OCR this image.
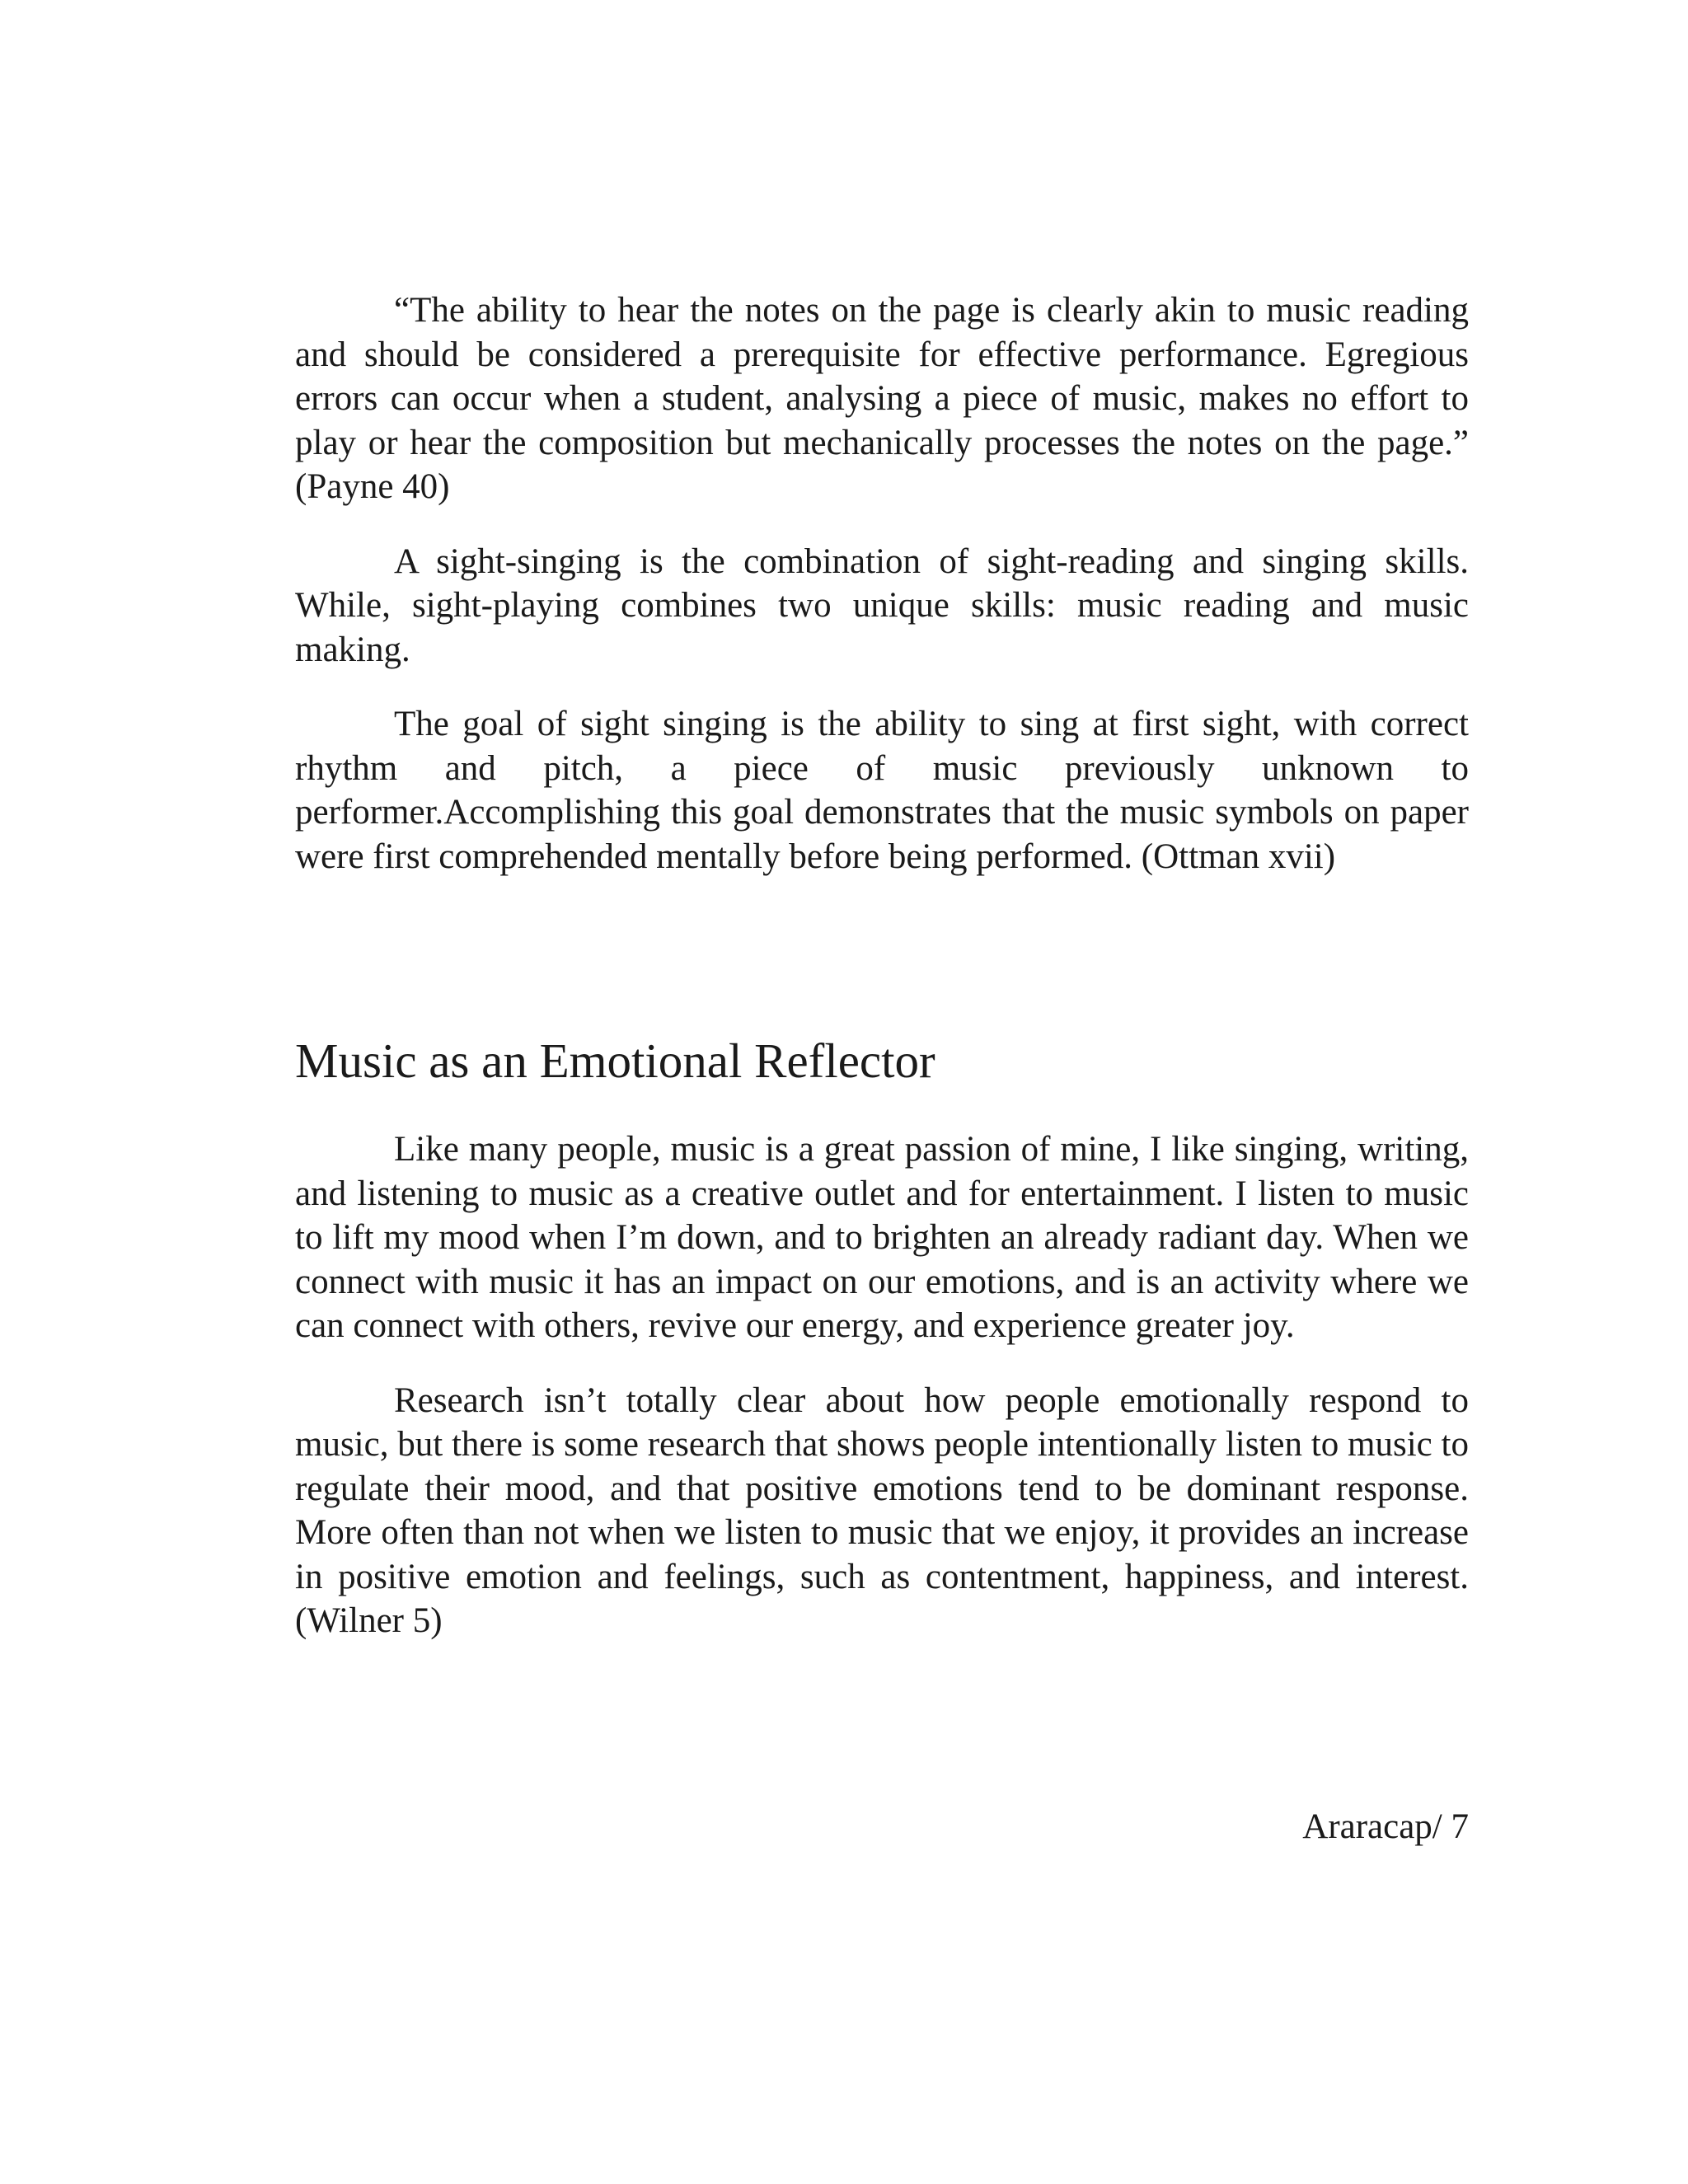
“The ability to hear the notes on the page is clearly akin to music reading and should be considered a prerequisite for effective performance. Egregious errors can occur when a student, analysing a piece of music, makes no effort to play or hear the composition but mechanically processes the notes on the page.” (Payne 40)

A sight-singing is the combination of sight-reading and singing skills. While, sight-playing combines two unique skills: music reading and music making.

The goal of sight singing is the ability to sing at first sight, with correct rhythm and pitch, a piece of music previously unknown to performer.Accomplishing this goal demonstrates that the music symbols on paper were first comprehended mentally before being performed. (Ottman xvii)

Music as an Emotional Reflector

Like many people, music is a great passion of mine, I like singing, writing, and listening to music as a creative outlet and for entertainment. I listen to music to lift my mood when I’m down, and to brighten an already radiant day. When we connect with music it has an impact on our emotions, and is an activity where we can connect with others, revive our energy, and experience greater joy.

Research isn’t totally clear about how people emotionally respond to music, but there is some research that shows people intentionally listen to music to regulate their mood, and that positive emotions tend to be dominant response. More often than not when we listen to music that we enjoy, it provides an increase in positive emotion and feelings, such as contentment, happiness, and interest. (Wilner 5)

Araracap/ 7
